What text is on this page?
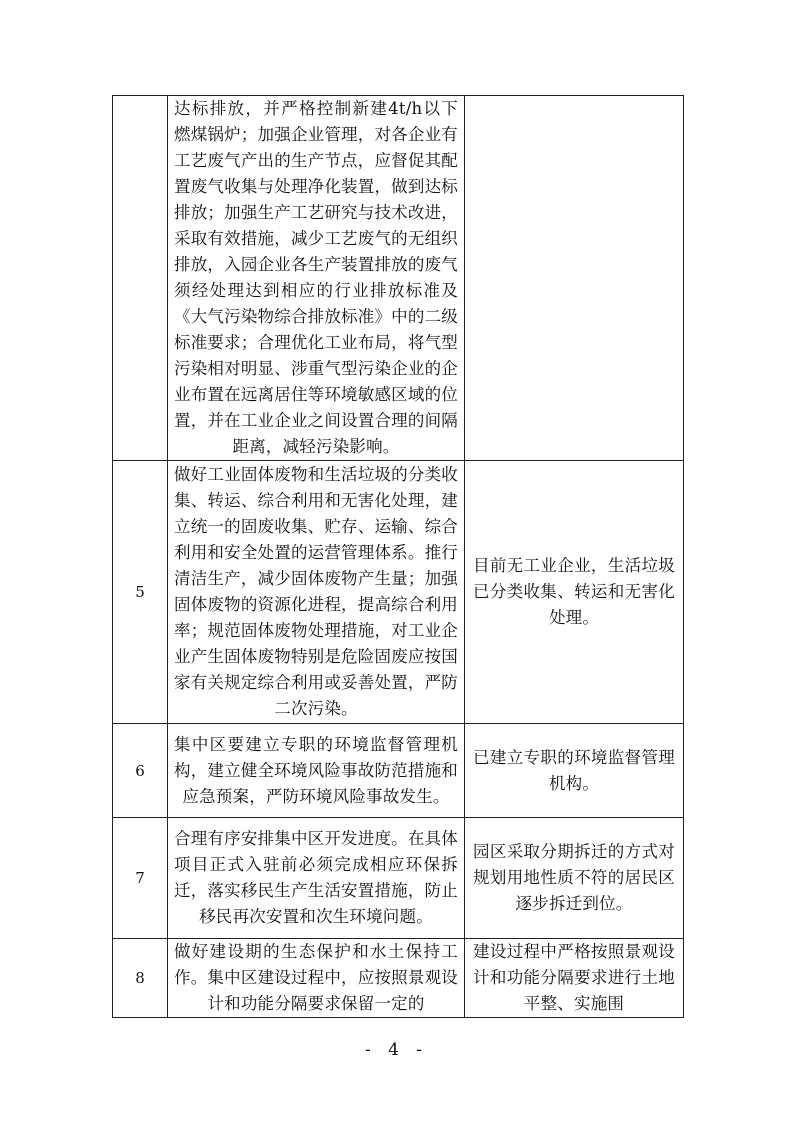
	达标排放，并严格控制新建4t/h以下燃煤锅炉；加强企业管理，对各企业有工艺废气产出的生产节点，应督促其配置废气收集与处理净化装置，做到达标排放；加强生产工艺研究与技术改进，采取有效措施，减少工艺废气的无组织排放，入园企业各生产装置排放的废气须经处理达到相应的行业排放标准及《大气污染物综合排放标准》中的二级标准要求；合理优化工业布局，将气型污染相对明显、涉重气型污染企业的企业布置在远离居住等环境敏感区域的位置，并在工业企业之间设置合理的间隔距离，减轻污染影响。	

5	做好工业固体废物和生活垃圾的分类收集、转运、综合利用和无害化处理，建立统一的固废收集、贮存、运输、综合利用和安全处置的运营管理体系。推行清洁生产，减少固体废物产生量；加强固体废物的资源化进程，提高综合利用率；规范固体废物处理措施，对工业企业产生固体废物特别是危险固废应按国家有关规定综合利用或妥善处置，严防二次污染。	目前无工业企业，生活垃圾已分类收集、转运和无害化处理。

6	集中区要建立专职的环境监督管理机构，建立健全环境风险事故防范措施和应急预案，严防环境风险事故发生。	已建立专职的环境监督管理机构。

7	合理有序安排集中区开发进度。在具体项目正式入驻前必须完成相应环保拆迁，落实移民生产生活安置措施，防止移民再次安置和次生环境问题。	园区采取分期拆迁的方式对规划用地性质不符的居民区逐步拆迁到位。

8	做好建设期的生态保护和水土保持工作。集中区建设过程中，应按照景观设计和功能分隔要求保留一定的	建设过程中严格按照景观设计和功能分隔要求进行土地平整、实施围
- 4 -
